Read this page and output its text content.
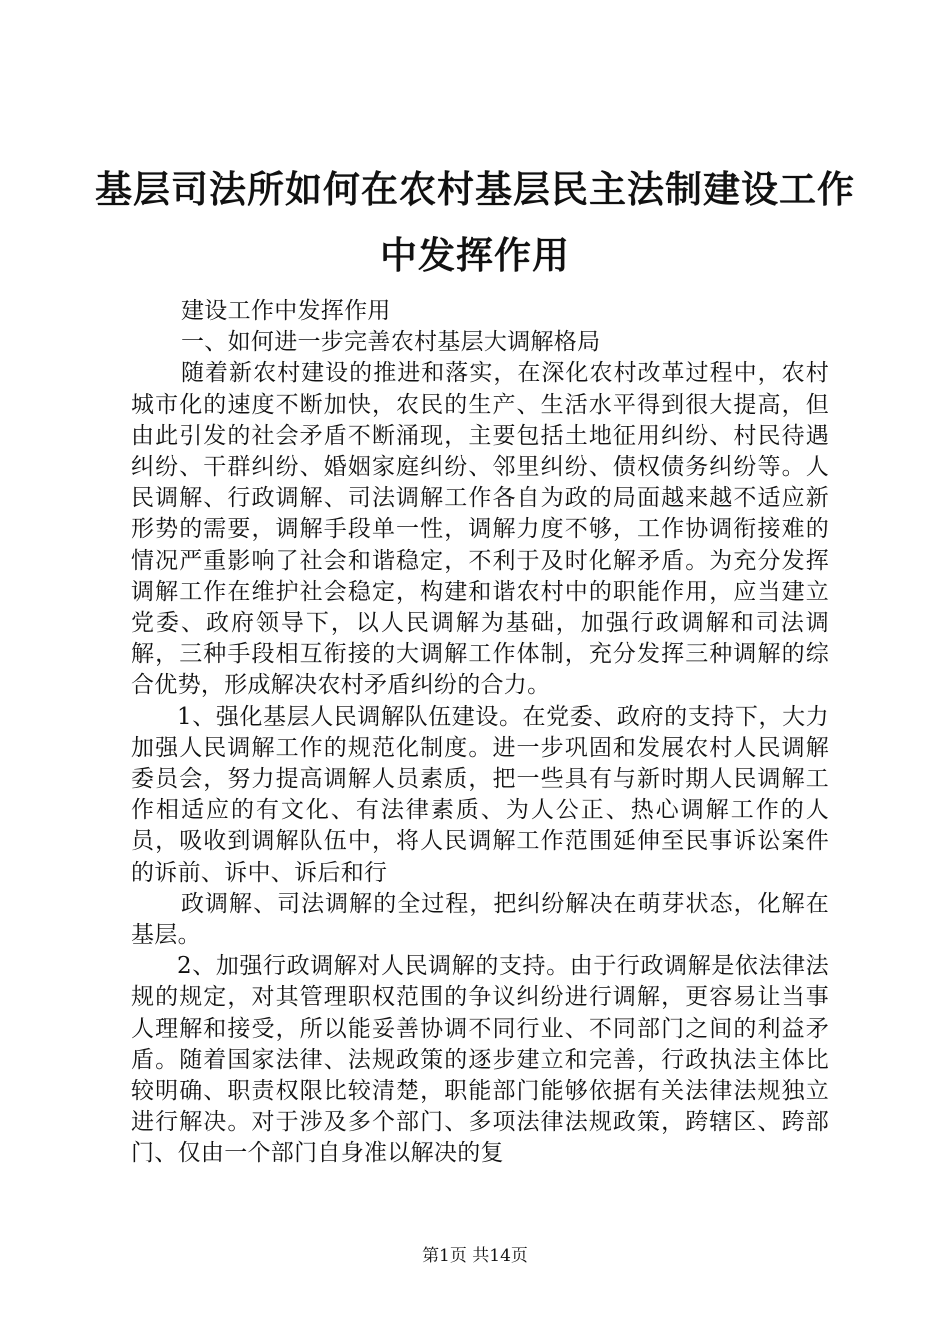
基层司法所如何在农村基层民主法制建设工作
中发挥作用

建设工作中发挥作用

一、如何进一步完善农村基层大调解格局

随着新农村建设的推进和落实，在深化农村改革过程中，农村城市化的速度不断加快，农民的生产、生活水平得到很大提高，但由此引发的社会矛盾不断涌现，主要包括土地征用纠纷、村民待遇纠纷、干群纠纷、婚姻家庭纠纷、邻里纠纷、债权债务纠纷等。人民调解、行政调解、司法调解工作各自为政的局面越来越不适应新形势的需要，调解手段单一性，调解力度不够，工作协调衔接难的情况严重影响了社会和谐稳定，不利于及时化解矛盾。为充分发挥调解工作在维护社会稳定，构建和谐农村中的职能作用，应当建立党委、政府领导下，以人民调解为基础，加强行政调解和司法调解，三种手段相互衔接的大调解工作体制，充分发挥三种调解的综合优势，形成解决农村矛盾纠纷的合力。

1、强化基层人民调解队伍建设。在党委、政府的支持下，大力加强人民调解工作的规范化制度。进一步巩固和发展农村人民调解委员会，努力提高调解人员素质，把一些具有与新时期人民调解工作相适应的有文化、有法律素质、为人公正、热心调解工作的人员，吸收到调解队伍中，将人民调解工作范围延伸至民事诉讼案件的诉前、诉中、诉后和行

政调解、司法调解的全过程，把纠纷解决在萌芽状态，化解在基层。

2、加强行政调解对人民调解的支持。由于行政调解是依法律法规的规定，对其管理职权范围的争议纠纷进行调解，更容易让当事人理解和接受，所以能妥善协调不同行业、不同部门之间的利益矛盾。随着国家法律、法规政策的逐步建立和完善，行政执法主体比较明确、职责权限比较清楚，职能部门能够依据有关法律法规独立进行解决。对于涉及多个部门、多项法律法规政策，跨辖区、跨部门、仅由一个部门自身准以解决的复

第1页 共14页
